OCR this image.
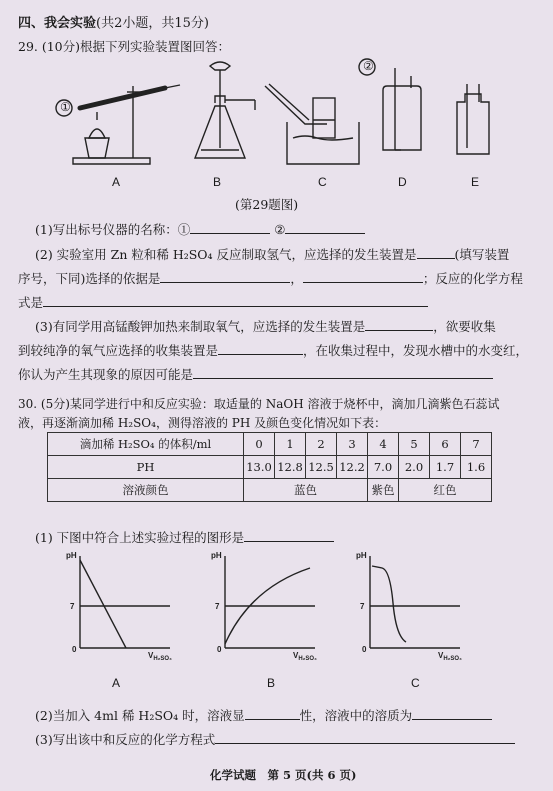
四、我会实验(共2小题，共15分)
29. (10分)根据下列实验装置图回答：
①
②
A	B	C	D	E
(第29题图)
(1)写出标号仪器的名称：①	②
(2) 实验室用 Zn 粒和稀 H₂SO₄ 反应制取氢气，应选择的发生装置是	(填写装置
序号，下同)选择的依据是	，	；反应的化学方程
式是
(3)有同学用高锰酸钾加热来制取氧气，应选择的发生装置是	，欲要收集
到较纯净的氧气应选择的收集装置是	，在收集过程中，发现水槽中的水变红，
你认为产生其现象的原因可能是
30. (5分)某同学进行中和反应实验：取适量的 NaOH 溶液于烧杯中，滴加几滴紫色石蕊试
液，再逐渐滴加稀 H₂SO₄，测得溶液的 PH 及颜色变化情况如下表：
滴加稀 H₂SO₄ 的体积/ml	0	1	2	3	4	5	6	7
PH	13.0	12.8	12.5	12.2	7.0	2.0	1.7	1.6
溶液颜色	蓝色				紫色	红色		
(1) 下图中符合上述实验过程的图形是
pH
7
0
$V_{H_2SO_4}$
pH
7
0
$V_{H_2SO_4}$
pH
7
0
$V_{H_2SO_4}$
A	B	C
(2)当加入 4ml 稀 H₂SO₄ 时，溶液显	性，溶液中的溶质为
(3)写出该中和反应的化学方程式
化学试题　第 5 页(共 6 页)
